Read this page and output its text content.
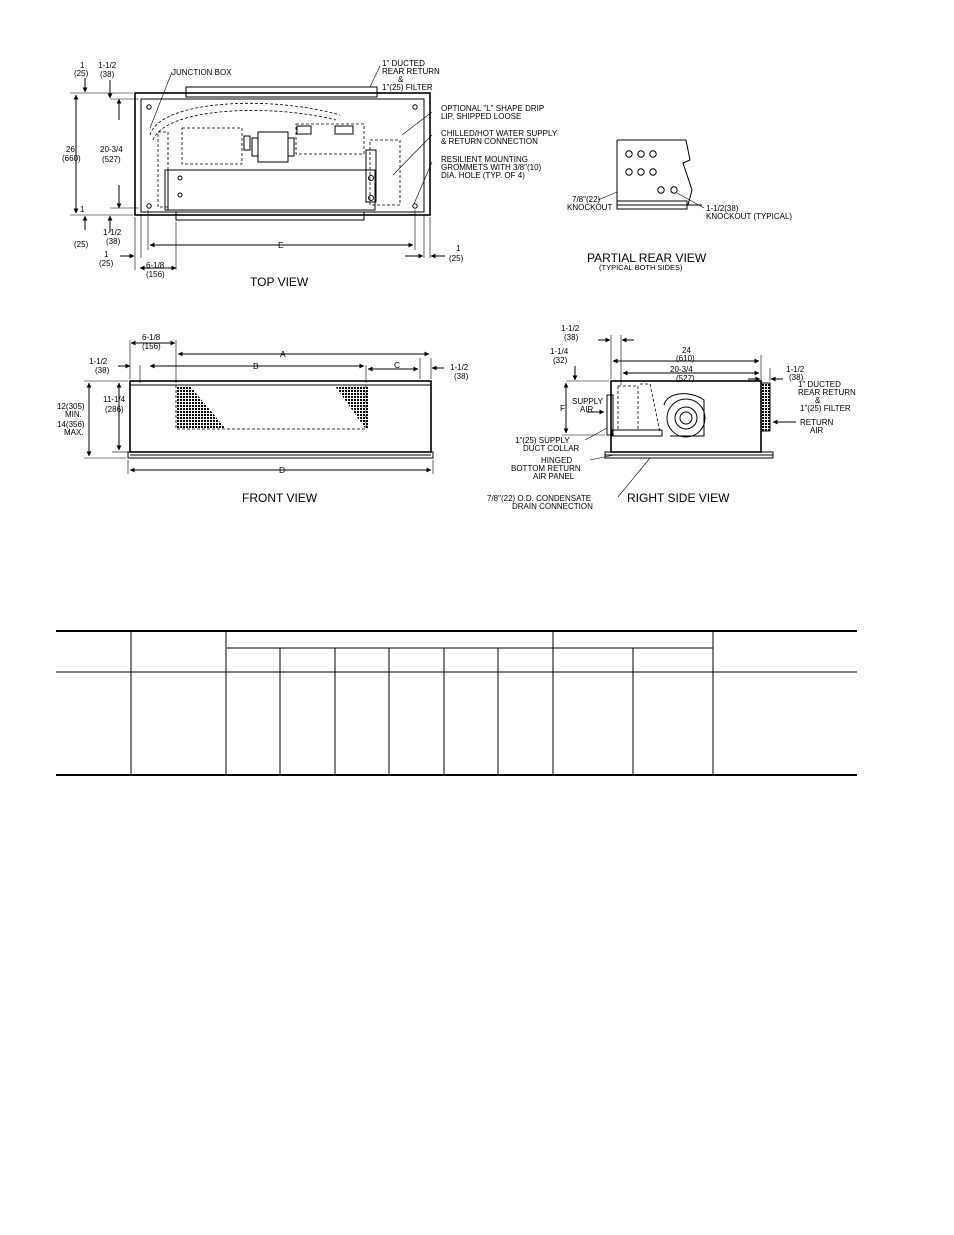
1
(25)
1-1/2
(38)
26
(660)
20-3/4
(527)
1
(25)
1-1/2
(38)	E
1
(25)	6-1/8
(156)
1
(25)
JUNCTION BOX
1" DUCTED
REAR RETURN
&
1"(25) FILTER
OPTIONAL "L" SHAPE DRIP
LIP, SHIPPED LOOSE
CHILLED/HOT WATER SUPPLY
& RETURN CONNECTION
RESILIENT MOUNTING
GROMMETS WITH 3/8"(10)
DIA. HOLE (TYP. OF 4)
TOP VIEW
7/8"(22)
KNOCKOUT	1-1/2(38)
KNOCKOUT (TYPICAL)
PARTIAL REAR VIEW
(TYPICAL BOTH SIDES)
6-1/8
(156)
A
B	C
D
1-1/2
(38)	1-1/2
(38)
12(305)
MIN.
14(356)
MAX.
11-1/4
(286)
FRONT VIEW
1-1/2
(38)
1-1/4
(32)
24
(610)
20-3/4
(527)
1-1/2
(38)
F
SUPPLY
AIR
1" DUCTED
REAR RETURN
&
1"(25) FILTER
RETURN
AIR
1"(25) SUPPLY
DUCT COLLAR
HINGED
BOTTOM RETURN
AIR PANEL
7/8"(22) O.D. CONDENSATE
DRAIN CONNECTION
RIGHT SIDE VIEW
